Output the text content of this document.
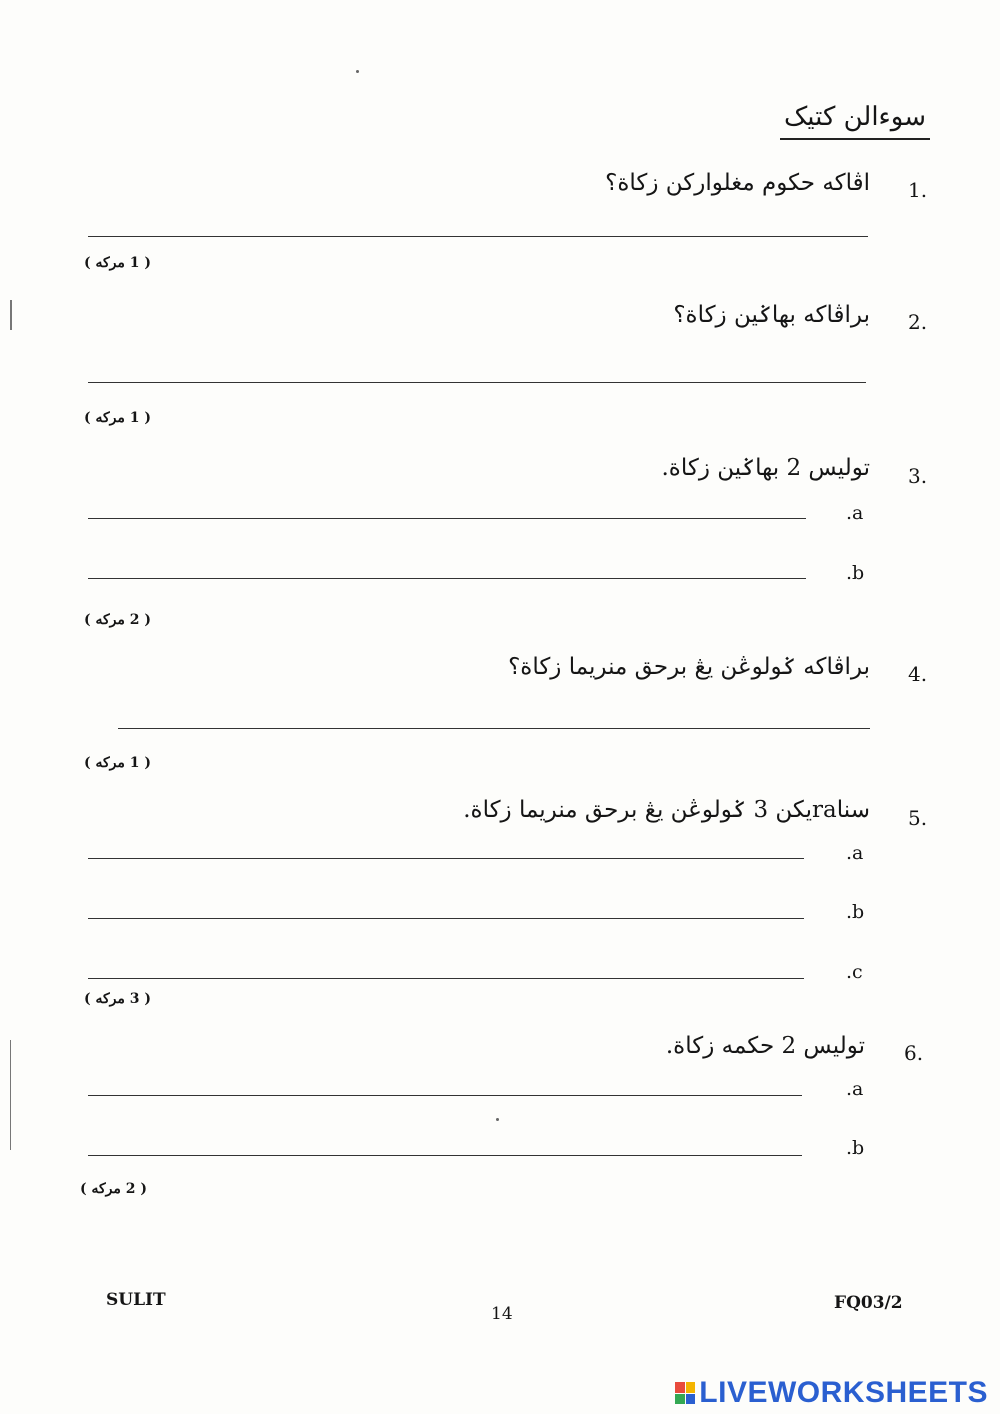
سوءالن كتيک
1.
اڤاكه حكوم مغلواركن زكاة؟
( 1 مركه )
2.
براڤاكه بهاݢين زكاة؟
( 1 مركه )
3.
توليس 2 بهاݢين زكاة.
.a
.b
( 2 مركه )
4.
براڤاكه ݢولوڠن يڠ برحق منريما زكاة؟
( 1 مركه )
5.
سناraيكن 3 ݢولوڠن يڠ برحق منريما زكاة.
.a
.b
.c
( 3 مركه )
6.
توليس 2 حكمه زكاة.
.a
.b
( 2 مركه )
SULIT
14
FQ03/2
LIVEWORKSHEETS
